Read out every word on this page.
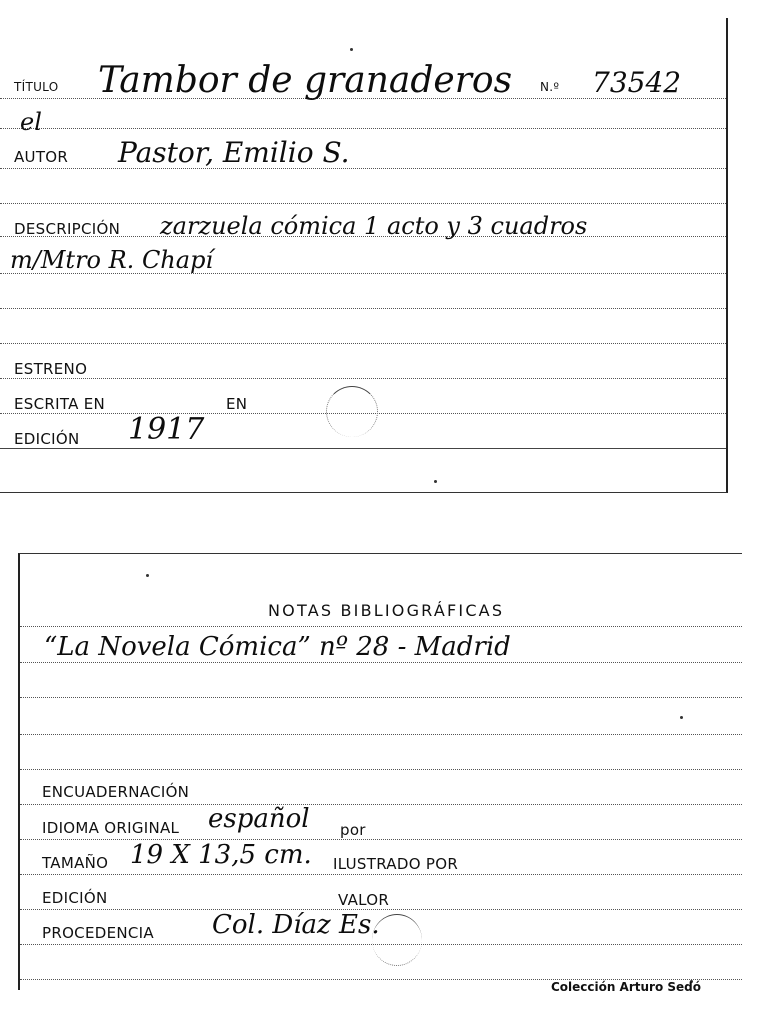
TÍTULO Tambor de granaderos N.º 73542
el
AUTOR Pastor, Emilio S.
DESCRIPCIÓN zarzuela cómica 1 acto y 3 cuadros
m/Mtro R. Chapí
ESTRENO
ESCRITA EN	EN
EDICIÓN 1917
NOTAS BIBLIOGRÁFICAS
“La Novela Cómica” nº 28 - Madrid
ENCUADERNACIÓN
IDIOMA ORIGINAL español por
TAMAÑO 19 X 13,5 cm. ILUSTRADO POR
EDICIÓN	VALOR
PROCEDENCIA Col. Díaz Es.
Colección Arturo Sedó
